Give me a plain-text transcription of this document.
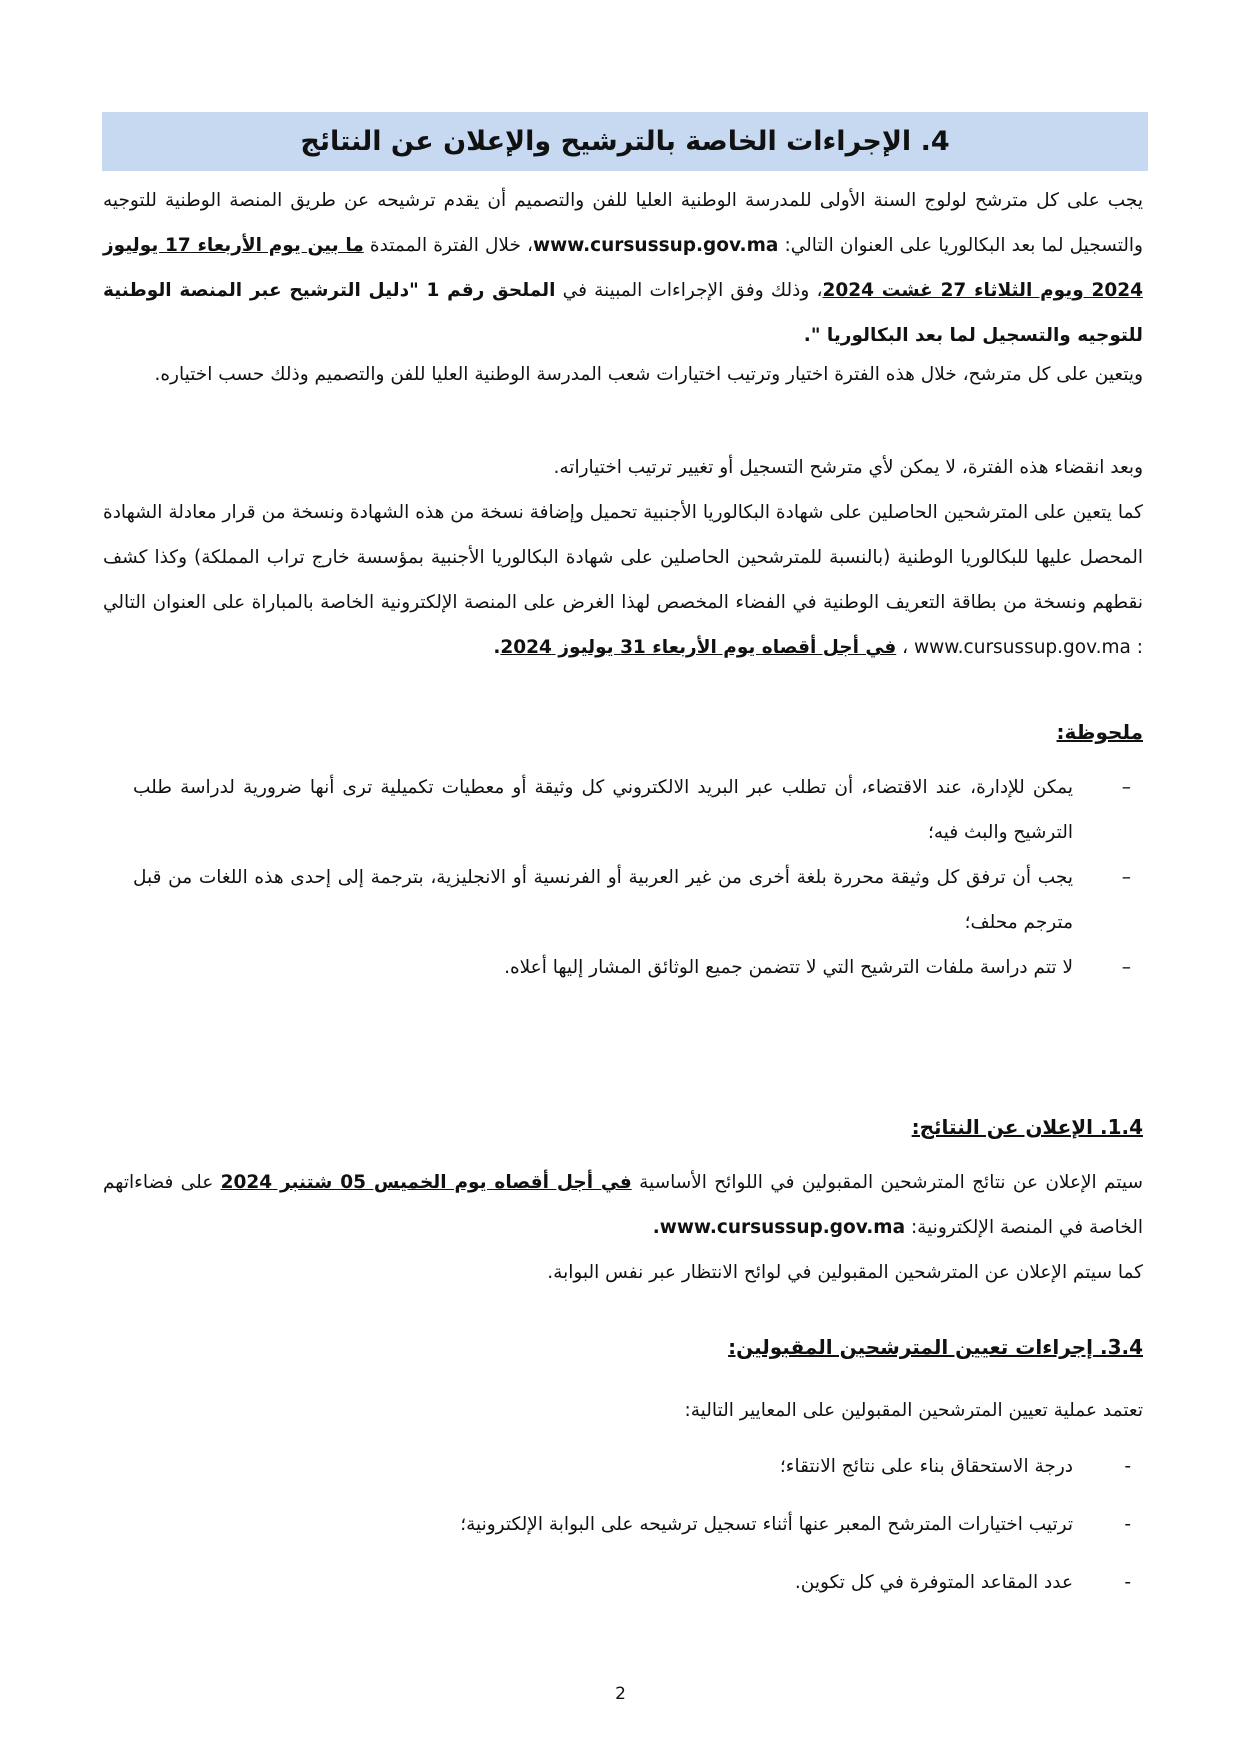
4. الإجراءات الخاصة بالترشيح والإعلان عن النتائج

يجب على كل مترشح لولوج السنة الأولى للمدرسة الوطنية العليا للفن والتصميم أن يقدم ترشيحه عن طريق المنصة الوطنية للتوجيه والتسجيل لما بعد البكالوريا على العنوان التالي: www.cursussup.gov.ma، خلال الفترة الممتدة ما بين يوم الأربعاء 17 يوليوز 2024 ويوم الثلاثاء 27 غشت 2024، وذلك وفق الإجراءات المبينة في الملحق رقم 1 "دليل الترشيح عبر المنصة الوطنية للتوجيه والتسجيل لما بعد البكالوريا ".

ويتعين على كل مترشح، خلال هذه الفترة اختيار وترتيب اختيارات شعب المدرسة الوطنية العليا للفن والتصميم وذلك حسب اختياره.

وبعد انقضاء هذه الفترة، لا يمكن لأي مترشح التسجيل أو تغيير ترتيب اختياراته.

كما يتعين على المترشحين الحاصلين على شهادة البكالوريا الأجنبية تحميل وإضافة نسخة من هذه الشهادة ونسخة من قرار معادلة الشهادة المحصل عليها للبكالوريا الوطنية (بالنسبة للمترشحين الحاصلين على شهادة البكالوريا الأجنبية بمؤسسة خارج تراب المملكة) وكذا كشف نقطهم ونسخة من بطاقة التعريف الوطنية في الفضاء المخصص لهذا الغرض على المنصة الإلكترونية الخاصة بالمباراة على العنوان التالي : www.cursussup.gov.ma ، في أجل أقصاه يوم الأربعاء 31 يوليوز 2024.

ملحوظة:
–
يمكن للإدارة، عند الاقتضاء، أن تطلب عبر البريد الالكتروني كل وثيقة أو معطيات تكميلية ترى أنها ضرورية لدراسة طلب الترشيح والبث فيه؛
–
يجب أن ترفق كل وثيقة محررة بلغة أخرى من غير العربية أو الفرنسية أو الانجليزية، بترجمة إلى إحدى هذه اللغات من قبل مترجم محلف؛
–
لا تتم دراسة ملفات الترشيح التي لا تتضمن جميع الوثائق المشار إليها أعلاه.
1.4. الإعلان عن النتائج:

سيتم الإعلان عن نتائج المترشحين المقبولين في اللوائح الأساسية في أجل أقصاه يوم الخميس 05 شتنبر 2024 على فضاءاتهم الخاصة في المنصة الإلكترونية: www.cursussup.gov.ma.

كما سيتم الإعلان عن المترشحين المقبولين في لوائح الانتظار عبر نفس البوابة.

3.4. إجراءات تعيين المترشحين المقبولين:

تعتمد عملية تعيين المترشحين المقبولين على المعايير التالية:

-
درجة الاستحقاق بناء على نتائج الانتقاء؛
-
ترتيب اختيارات المترشح المعبر عنها أثناء تسجيل ترشيحه على البوابة الإلكترونية؛
-
عدد المقاعد المتوفرة في كل تكوين.
2
